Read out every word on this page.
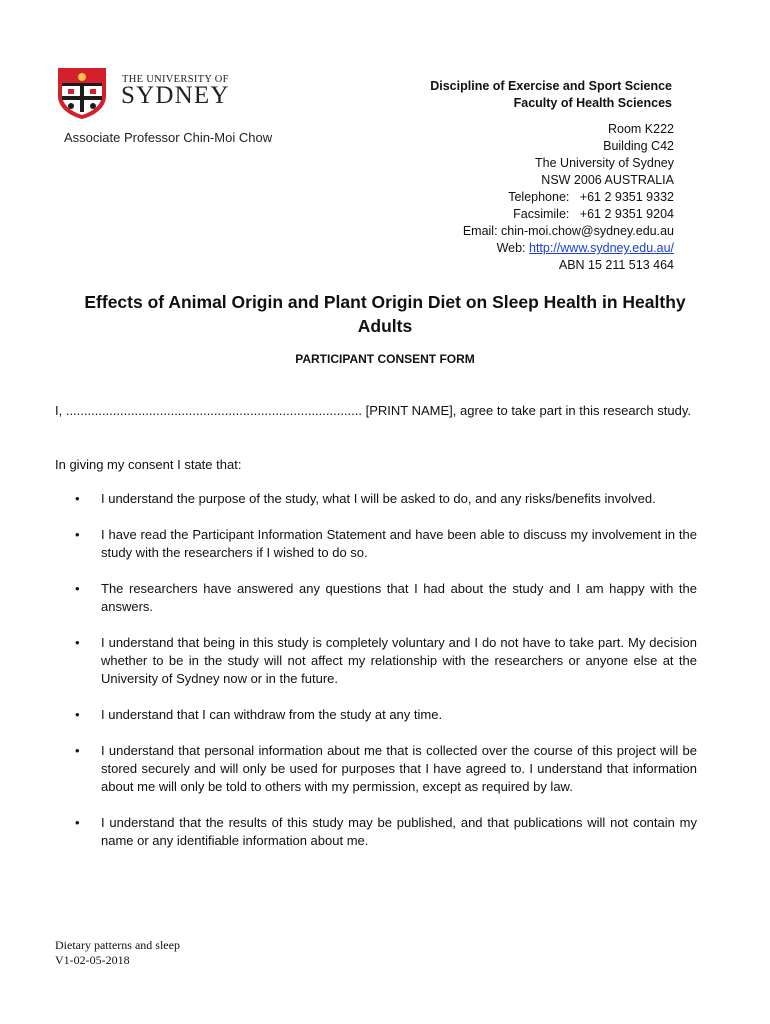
THE UNIVERSITY OF
SYDNEY
Associate Professor Chin-Moi Chow
Discipline of Exercise and Sport Science
Faculty of Health Sciences
Room K222
Building C42
The University of Sydney
NSW 2006 AUSTRALIA
Telephone:   +61 2 9351 9332
Facsimile:   +61 2 9351 9204
Email: chin-moi.chow@sydney.edu.au
Web: http://www.sydney.edu.au/
ABN 15 211 513 464
Effects of Animal Origin and Plant Origin Diet on Sleep Health in Healthy Adults
PARTICIPANT CONSENT FORM
I, .................................................................................. [PRINT NAME], agree to take part in this research study.
In giving my consent I state that:
• I understand the purpose of the study, what I will be asked to do, and any risks/benefits involved.
• I have read the Participant Information Statement and have been able to discuss my involvement in the study with the researchers if I wished to do so.
• The researchers have answered any questions that I had about the study and I am happy with the answers.
• I understand that being in this study is completely voluntary and I do not have to take part. My decision whether to be in the study will not affect my relationship with the researchers or anyone else at the University of Sydney now or in the future.
• I understand that I can withdraw from the study at any time.
• I understand that personal information about me that is collected over the course of this project will be stored securely and will only be used for purposes that I have agreed to. I understand that information about me will only be told to others with my permission, except as required by law.
• I understand that the results of this study may be published, and that publications will not contain my name or any identifiable information about me.
Dietary patterns and sleep
V1-02-05-2018
